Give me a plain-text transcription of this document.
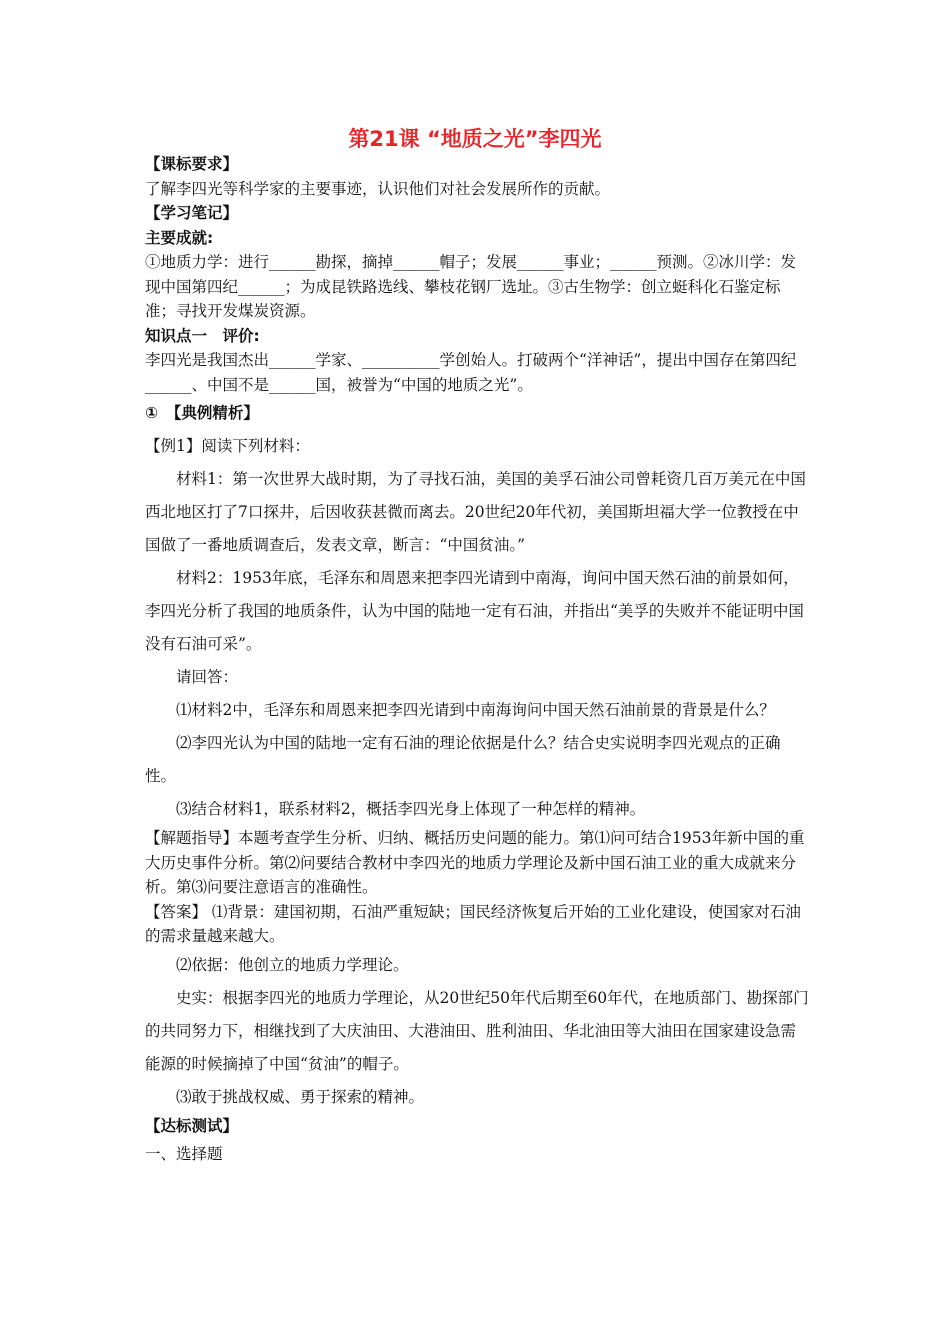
第21课 “地质之光”李四光

【课标要求】

了解李四光等科学家的主要事迹，认识他们对社会发展所作的贡献。

【学习笔记】

主要成就:

①地质力学：进行______勘探，摘掉______帽子；发展______事业；______预测。②冰川学：发现中国第四纪______；为成昆铁路选线、攀枝花钢厂选址。③古生物学：创立蜓科化石鉴定标准；寻找开发煤炭资源。

知识点一　评价:

李四光是我国杰出______学家、__________学创始人。打破两个“洋神话”，提出中国存在第四纪______、中国不是______国，被誉为“中国的地质之光”。

①　【典例精析】

【例1】阅读下列材料：

材料1：第一次世界大战时期，为了寻找石油，美国的美孚石油公司曾耗资几百万美元在中国西北地区打了7口探井，后因收获甚微而离去。20世纪20年代初，美国斯坦福大学一位教授在中国做了一番地质调查后，发表文章，断言：“中国贫油。”

材料2：1953年底，毛泽东和周恩来把李四光请到中南海，询问中国天然石油的前景如何，李四光分析了我国的地质条件，认为中国的陆地一定有石油，并指出“美孚的失败并不能证明中国没有石油可采”。

请回答：

⑴材料2中，毛泽东和周恩来把李四光请到中南海询问中国天然石油前景的背景是什么？

⑵李四光认为中国的陆地一定有石油的理论依据是什么？结合史实说明李四光观点的正确性。

⑶结合材料1，联系材料2，概括李四光身上体现了一种怎样的精神。

【解题指导】本题考查学生分析、归纳、概括历史问题的能力。第⑴问可结合1953年新中国的重大历史事件分析。第⑵问要结合教材中李四光的地质力学理论及新中国石油工业的重大成就来分析。第⑶问要注意语言的准确性。

【答案】 ⑴背景：建国初期，石油严重短缺；国民经济恢复后开始的工业化建设，使国家对石油的需求量越来越大。

⑵依据：他创立的地质力学理论。

史实：根据李四光的地质力学理论，从20世纪50年代后期至60年代，在地质部门、勘探部门的共同努力下，相继找到了大庆油田、大港油田、胜利油田、华北油田等大油田在国家建设急需能源的时候摘掉了中国“贫油”的帽子。

⑶敢于挑战权威、勇于探索的精神。

【达标测试】

一、选择题
